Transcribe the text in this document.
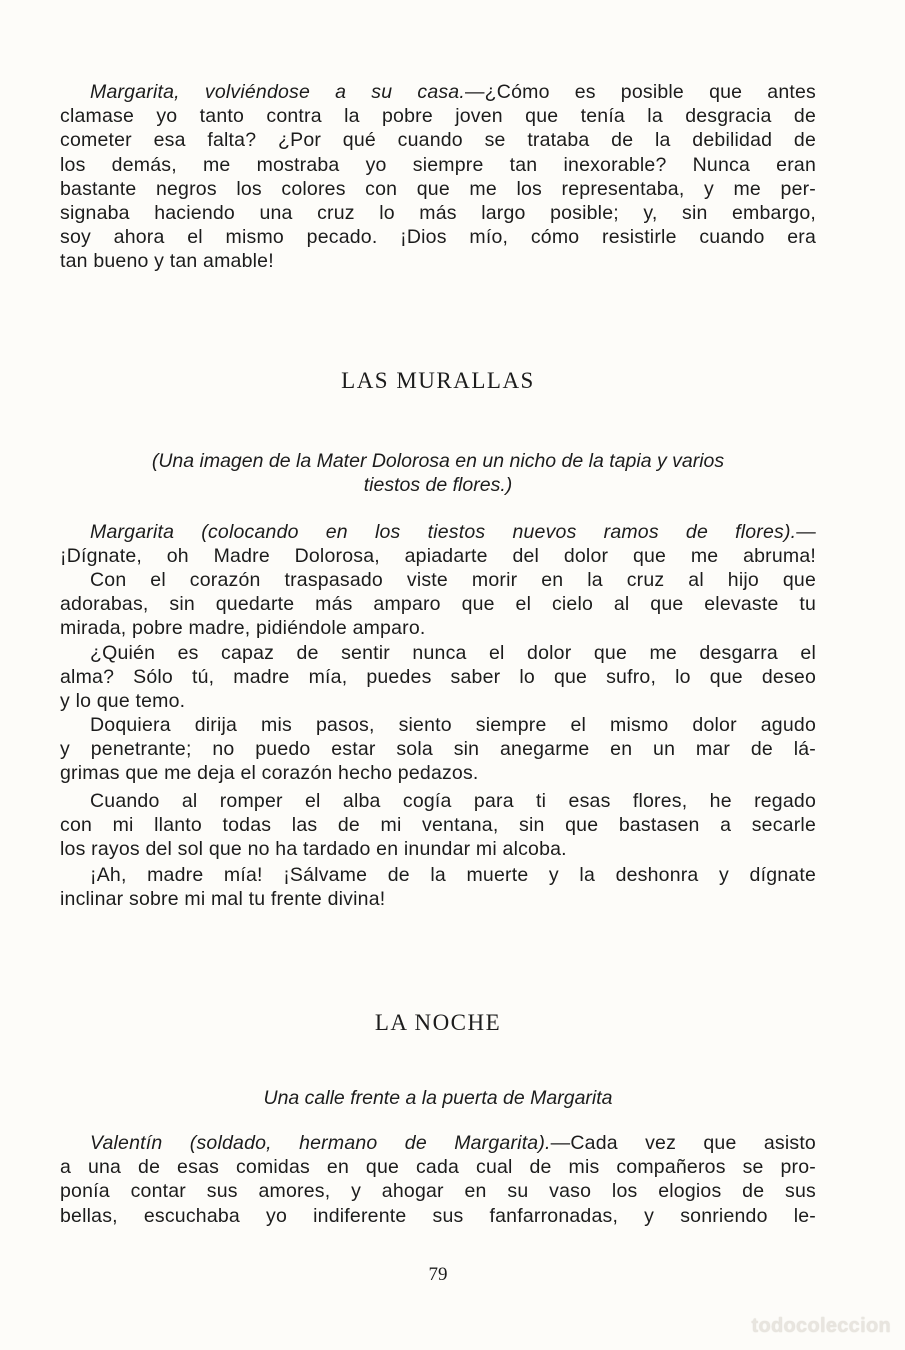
Margarita, volviéndose a su casa.—¿Cómo es posible que antes
clamase yo tanto contra la pobre joven que tenía la desgracia de
cometer esa falta? ¿Por qué cuando se trataba de la debilidad de
los demás, me mostraba yo siempre tan inexorable? Nunca eran
bastante negros los colores con que me los representaba, y me per-
signaba haciendo una cruz lo más largo posible; y, sin embargo,
soy ahora el mismo pecado. ¡Dios mío, cómo resistirle cuando era
tan bueno y tan amable!
LAS MURALLAS
(Una imagen de la Mater Dolorosa en un nicho de la tapia y varios
tiestos de flores.)
Margarita (colocando en los tiestos nuevos ramos de flores).—
¡Dígnate, oh Madre Dolorosa, apiadarte del dolor que me abruma!
Con el corazón traspasado viste morir en la cruz al hijo que
adorabas, sin quedarte más amparo que el cielo al que elevaste tu
mirada, pobre madre, pidiéndole amparo.
¿Quién es capaz de sentir nunca el dolor que me desgarra el
alma? Sólo tú, madre mía, puedes saber lo que sufro, lo que deseo
y lo que temo.
Doquiera dirija mis pasos, siento siempre el mismo dolor agudo
y penetrante; no puedo estar sola sin anegarme en un mar de lá-
grimas que me deja el corazón hecho pedazos.
Cuando al romper el alba cogía para ti esas flores, he regado
con mi llanto todas las de mi ventana, sin que bastasen a secarle
los rayos del sol que no ha tardado en inundar mi alcoba.
¡Ah, madre mía! ¡Sálvame de la muerte y la deshonra y dígnate
inclinar sobre mi mal tu frente divina!
LA NOCHE
Una calle frente a la puerta de Margarita
Valentín (soldado, hermano de Margarita).—Cada vez que asisto
a una de esas comidas en que cada cual de mis compañeros se pro-
ponía contar sus amores, y ahogar en su vaso los elogios de sus
bellas, escuchaba yo indiferente sus fanfarronadas, y sonriendo le-
79
todocoleccion
